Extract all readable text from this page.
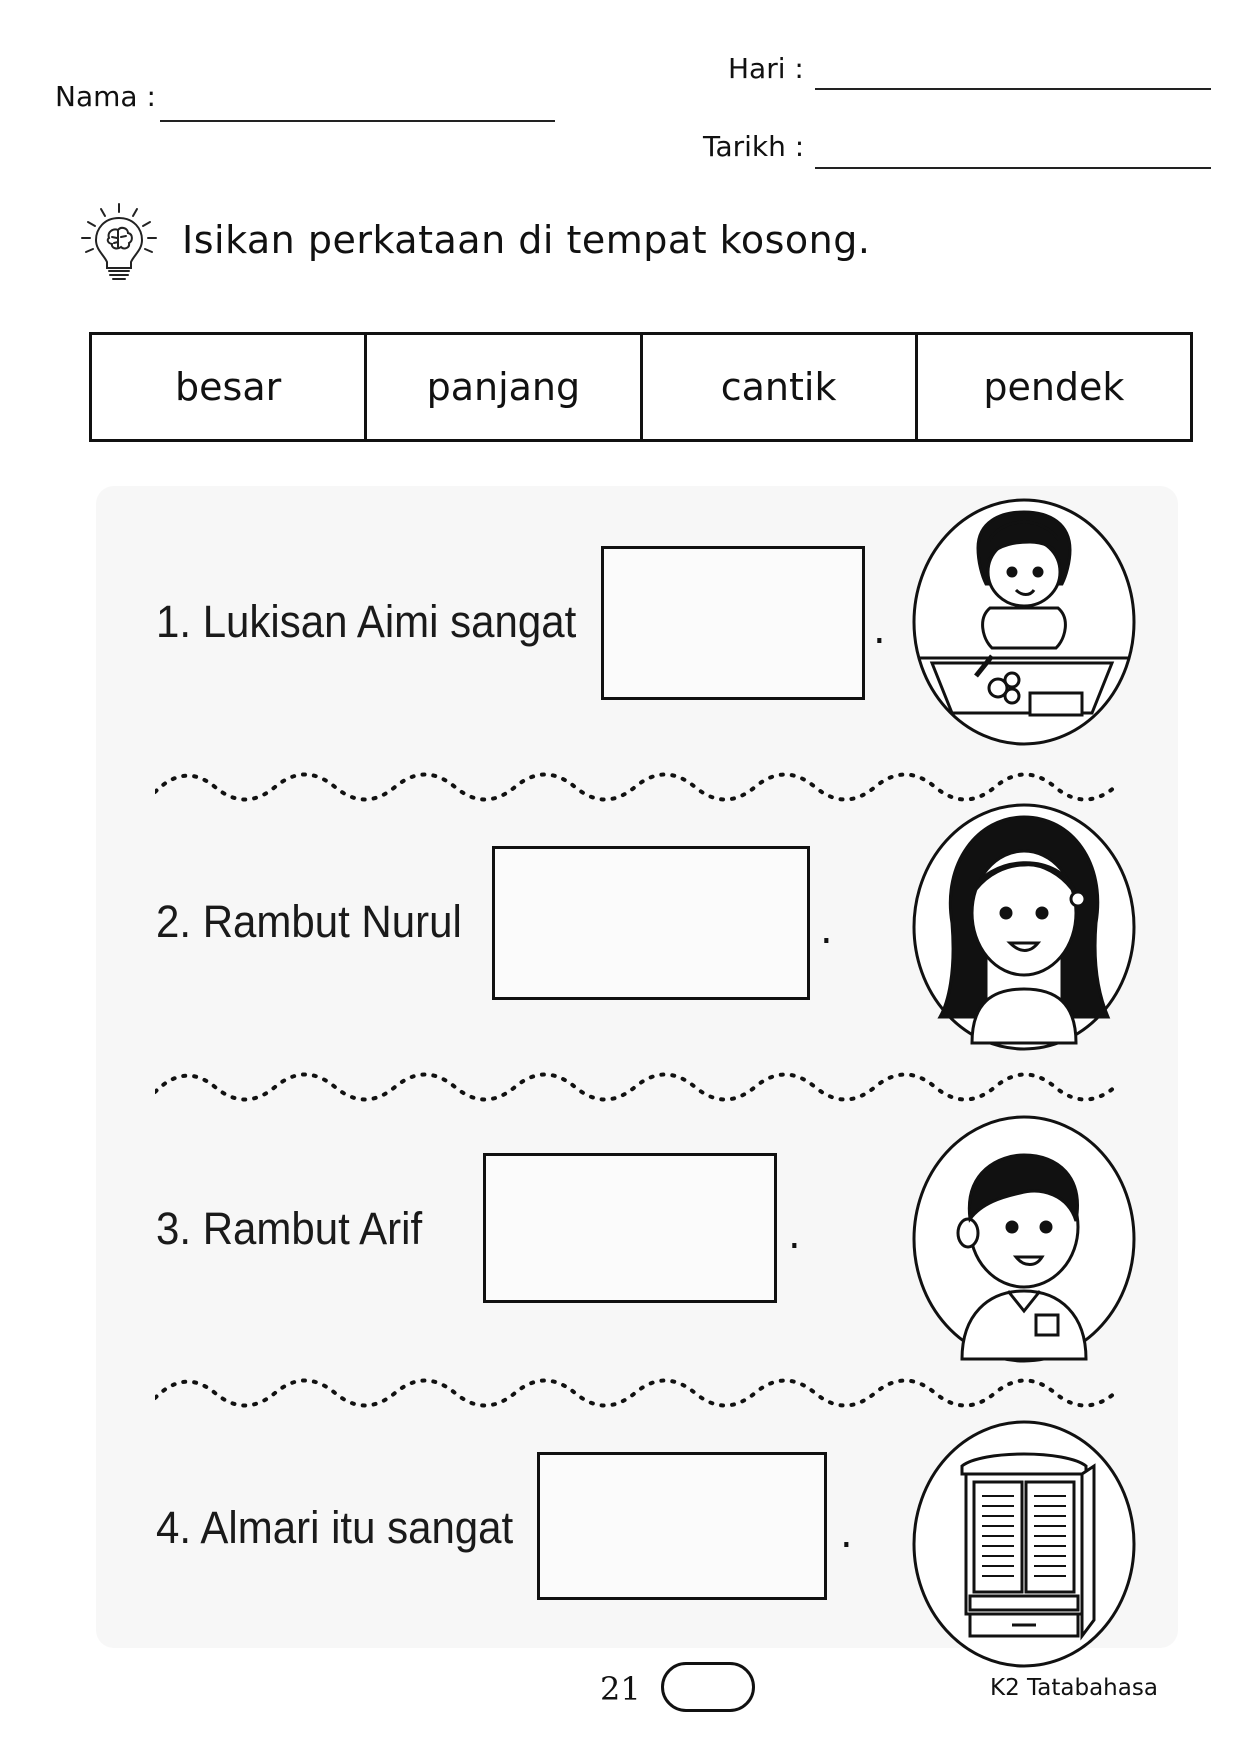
Nama :
Hari :
Tarikh :
Isikan perkataan di tempat kosong.
besar	panjang	cantik	pendek
1. Lukisan Aimi sangat	.
2. Rambut Nurul	.
3. Rambut Arif	.
4. Almari itu sangat	.
21	K2 Tatabahasa
